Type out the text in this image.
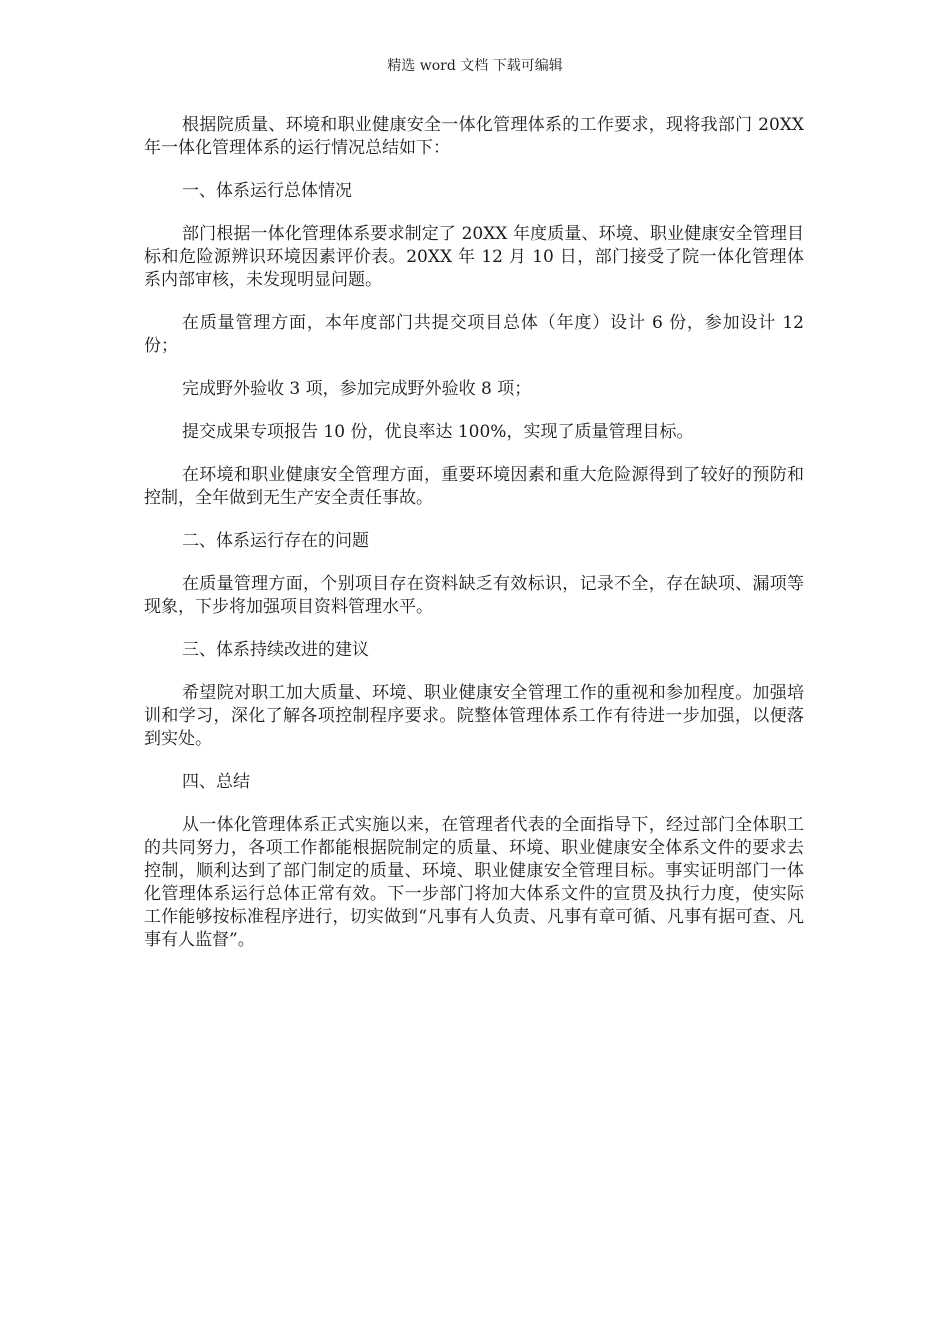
精选 word 文档 下载可编辑

根据院质量、环境和职业健康安全一体化管理体系的工作要求，现将我部门 20XX 年一体化管理体系的运行情况总结如下：

一、体系运行总体情况

部门根据一体化管理体系要求制定了 20XX 年度质量、环境、职业健康安全管理目标和危险源辨识环境因素评价表。20XX 年 12 月 10 日，部门接受了院一体化管理体系内部审核，未发现明显问题。

在质量管理方面，本年度部门共提交项目总体（年度）设计 6 份，参加设计 12 份；

完成野外验收 3 项，参加完成野外验收 8 项；

提交成果专项报告 10 份，优良率达 100%，实现了质量管理目标。

在环境和职业健康安全管理方面，重要环境因素和重大危险源得到了较好的预防和控制，全年做到无生产安全责任事故。

二、体系运行存在的问题

在质量管理方面，个别项目存在资料缺乏有效标识，记录不全，存在缺项、漏项等现象，下步将加强项目资料管理水平。

三、体系持续改进的建议

希望院对职工加大质量、环境、职业健康安全管理工作的重视和参加程度。加强培训和学习，深化了解各项控制程序要求。院整体管理体系工作有待进一步加强，以便落到实处。

四、总结

从一体化管理体系正式实施以来，在管理者代表的全面指导下，经过部门全体职工的共同努力，各项工作都能根据院制定的质量、环境、职业健康安全体系文件的要求去控制，顺利达到了部门制定的质量、环境、职业健康安全管理目标。事实证明部门一体化管理体系运行总体正常有效。下一步部门将加大体系文件的宣贯及执行力度，使实际工作能够按标准程序进行，切实做到“凡事有人负责、凡事有章可循、凡事有据可查、凡事有人监督”。
